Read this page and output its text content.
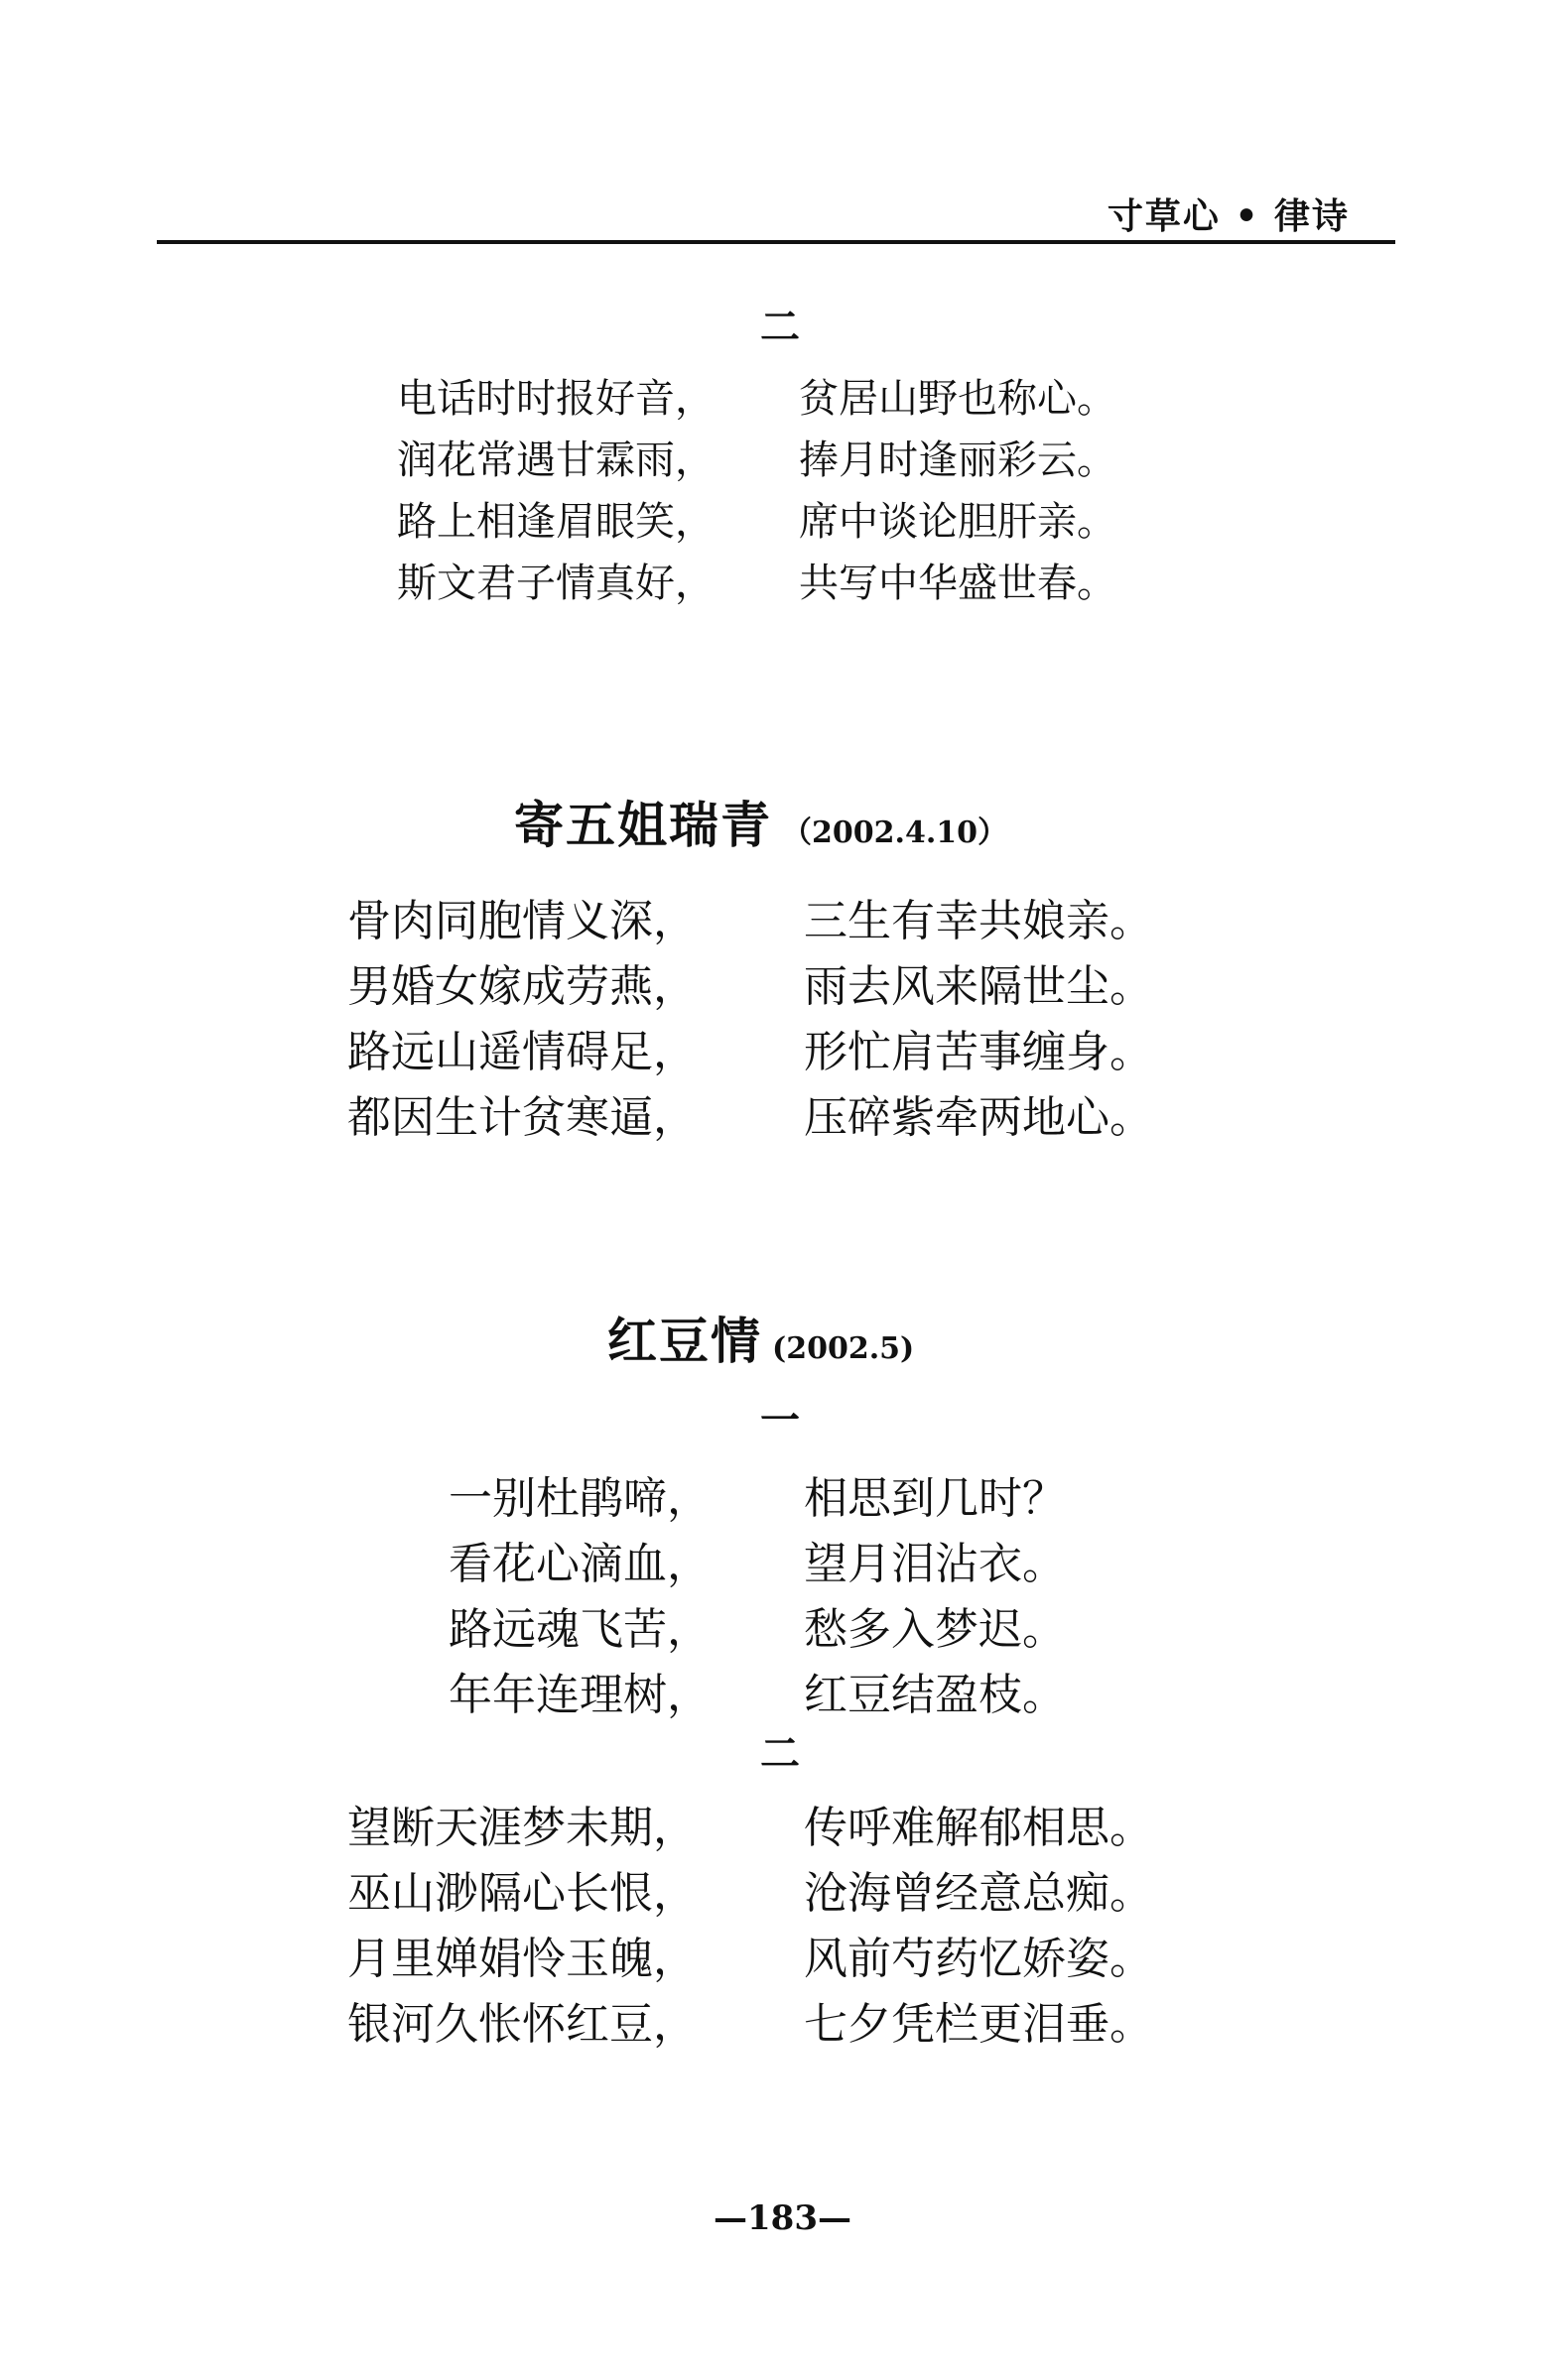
寸草心 • 律诗
二
电话时时报好音， 贫居山野也称心。
润花常遇甘霖雨， 捧月时逢丽彩云。
路上相逢眉眼笑， 席中谈论胆肝亲。
斯文君子情真好， 共写中华盛世春。
寄五姐瑞青 （2002.4.10）
骨肉同胞情义深， 三生有幸共娘亲。
男婚女嫁成劳燕， 雨去风来隔世尘。
路远山遥情碍足， 形忙肩苦事缠身。
都因生计贫寒逼， 压碎紫牵两地心。
红豆情 (2002.5)
一
一别杜鹃啼， 相思到几时？
看花心滴血， 望月泪沾衣。
路远魂飞苦， 愁多入梦迟。
年年连理树， 红豆结盈枝。
二
望断天涯梦未期， 传呼难解郁相思。
巫山渺隔心长恨， 沧海曾经意总痴。
月里婵娟怜玉魄， 风前芍药忆娇姿。
银河久怅怀红豆， 七夕凭栏更泪垂。
—183—
